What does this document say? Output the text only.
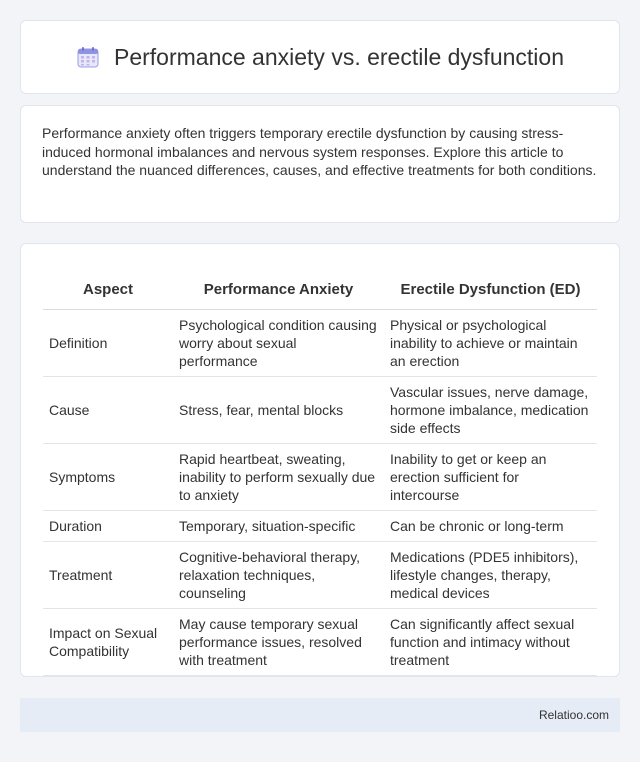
Performance anxiety vs. erectile dysfunction

Performance anxiety often triggers temporary erectile dysfunction by causing stress-induced hormonal imbalances and nervous system responses. Explore this article to understand the nuanced differences, causes, and effective treatments for both conditions.

Aspect	Performance Anxiety	Erectile Dysfunction (ED)
Definition	Psychological condition causing worry about sexual performance	Physical or psychological inability to achieve or maintain an erection
Cause	Stress, fear, mental blocks	Vascular issues, nerve damage, hormone imbalance, medication side effects
Symptoms	Rapid heartbeat, sweating, inability to perform sexually due to anxiety	Inability to get or keep an erection sufficient for intercourse
Duration	Temporary, situation-specific	Can be chronic or long-term
Treatment	Cognitive-behavioral therapy, relaxation techniques, counseling	Medications (PDE5 inhibitors), lifestyle changes, therapy, medical devices
Impact on Sexual Compatibility	May cause temporary sexual performance issues, resolved with treatment	Can significantly affect sexual function and intimacy without treatment
Relatioo.com
